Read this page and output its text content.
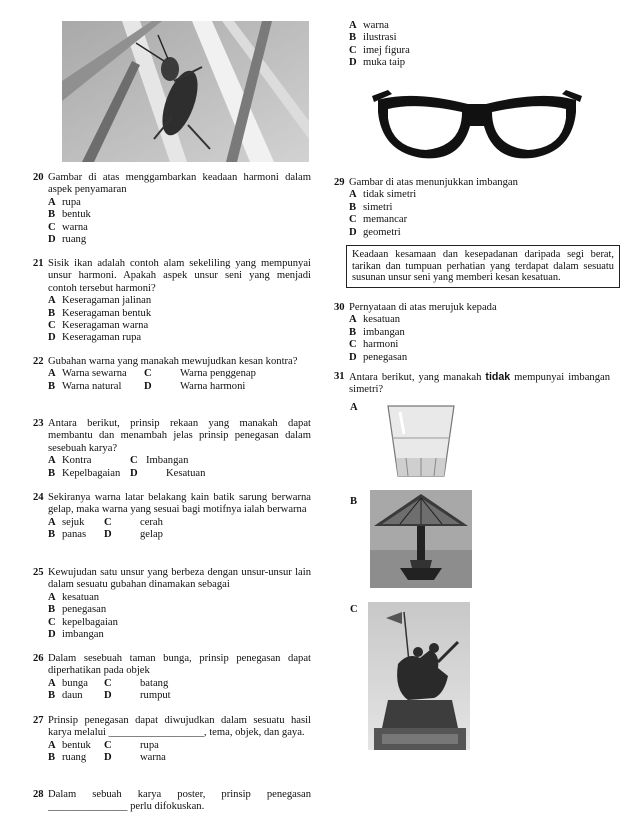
20 Gambar di atas menggambarkan keadaan harmoni dalam aspek penyamaran
A rupa
B bentuk
C warna
D ruang
21 Sisik ikan adalah contoh alam sekeliling yang mempunyai unsur harmoni. Apakah aspek unsur seni yang menjadi contoh tersebut harmoni?
A Keseragaman jalinan
B Keseragaman bentuk
C Keseragaman warna
D Keseragaman rupa
22 Gubahan warna yang manakah mewujudkan kesan kontra?
A Warna sewarna C	Warna penggenap
B Warna natural D	Warna harmoni
23 Antara berikut, prinsip rekaan yang manakah dapat membantu dan menambah jelas prinsip penegasan dalam sesebuah karya?
A Kontra	C Imbangan
B Kepelbagaian D	Kesatuan
24 Sekiranya warna latar belakang kain batik sarung berwarna gelap, maka warna yang sesuai bagi motifnya ialah berwarna
A sejuk C	cerah
B panas D	gelap
25 Kewujudan satu unsur yang berbeza dengan unsur-unsur lain dalam sesuatu gubahan dinamakan sebagai
A kesatuan
B penegasan
C kepelbagaian
D imbangan
26 Dalam sesebuah taman bunga, prinsip penegasan dapat diperhatikan pada objek
A bunga C	batang
B daun D	rumput
27 Prinsip penegasan dapat diwujudkan dalam sesuatu hasil karya melalui __________________, tema, objek, dan gaya.
A bentuk C	rupa
B ruang D	warna
28 Dalam sebuah karya poster, prinsip penegasan _______________ perlu difokuskan.
A warna
B ilustrasi
C imej figura
D muka taip
29 Gambar di atas menunjukkan imbangan
A tidak simetri
B simetri
C memancar
D geometri
Keadaan kesamaan dan kesepadanan daripada segi berat, tarikan dan tumpuan perhatian yang terdapat dalam sesuatu susunan unsur seni yang memberi kesan kesatuan.
30 Pernyataan di atas merujuk kepada
A kesatuan
B imbangan
C harmoni
D penegasan
31 Antara berikut, yang manakah tidak mempunyai imbangan simetri?
A
B
C
